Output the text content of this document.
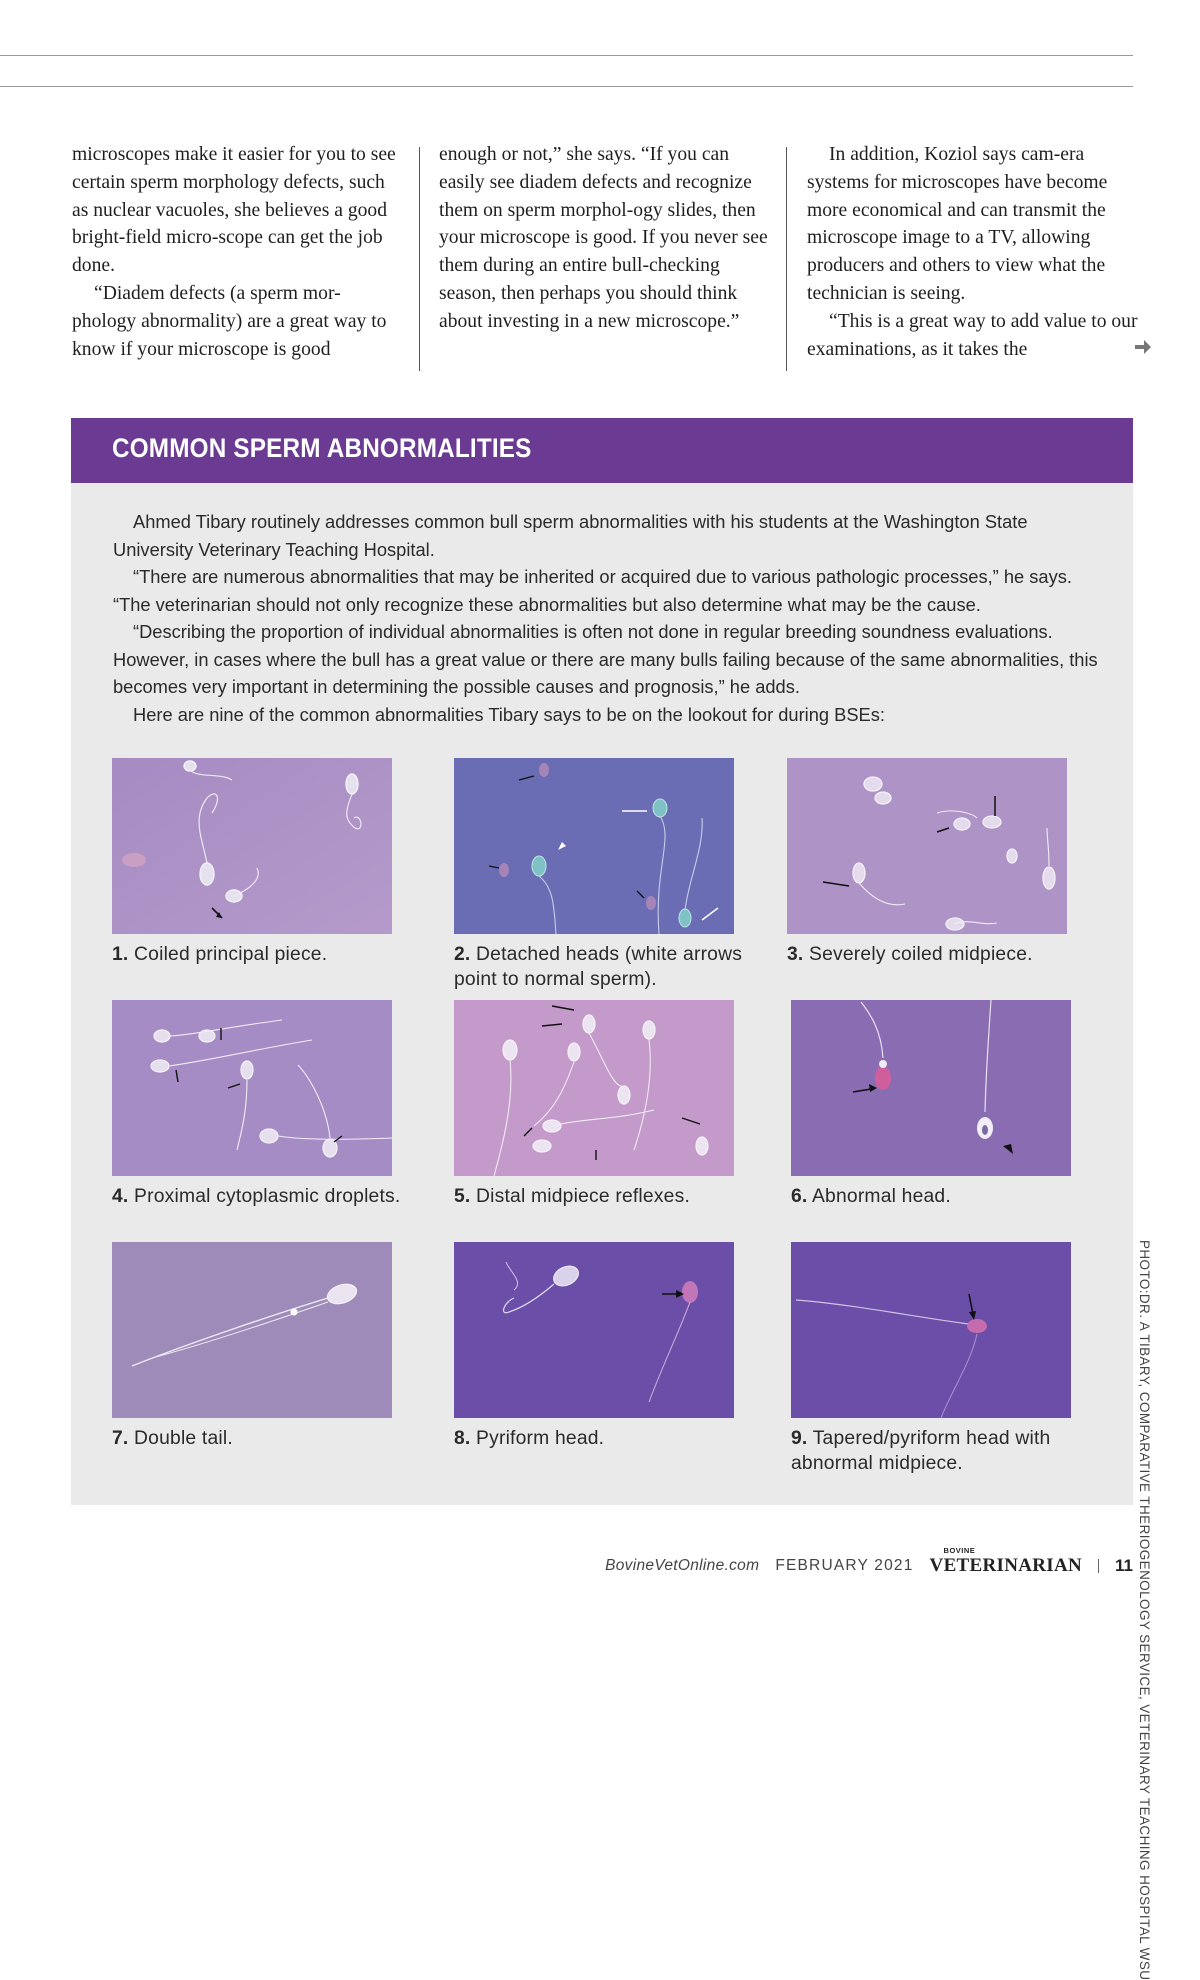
microscopes make it easier for you to see certain sperm morphology defects, such as nuclear vacuoles, she believes a good bright-field micro-scope can get the job done.

“Diadem defects (a sperm mor-phology abnormality) are a great way to know if your microscope is good

enough or not,” she says. “If you can easily see diadem defects and recognize them on sperm morphol-ogy slides, then your microscope is good. If you never see them during an entire bull-checking season, then perhaps you should think about investing in a new microscope.”

In addition, Koziol says cam-era systems for microscopes have become more economical and can transmit the microscope image to a TV, allowing producers and others to view what the technician is seeing.

“This is a great way to add value to our examinations, as it takes the

COMMON SPERM ABNORMALITIES

Ahmed Tibary routinely addresses common bull sperm abnormalities with his students at the Washington State University Veterinary Teaching Hospital.

“There are numerous abnormalities that may be inherited or acquired due to various pathologic processes,” he says. “The veterinarian should not only recognize these abnormalities but also determine what may be the cause.

“Describing the proportion of individual abnormalities is often not done in regular breeding soundness evaluations. However, in cases where the bull has a great value or there are many bulls failing because of the same abnormalities, this becomes very important in determining the possible causes and prognosis,” he adds.

Here are nine of the common abnormalities Tibary says to be on the lookout for during BSEs:

1. Coiled principal piece.	2. Detached heads (white arrows point to normal sperm).
3. Severely coiled midpiece.
4. Proximal cytoplasmic droplets.	5. Distal midpiece reflexes.	6. Abnormal head.
7. Double tail.	8. Pyriform head.	9. Tapered/pyriform head with abnormal midpiece.	PHOTO:DR. A TIBARY, COMPARATIVE THERIOGENOLOGY SERVICE, VETERINARY TEACHING HOSPITAL WSU
BovineVetOnline.com FEBRUARY 2021
BOVINE
VETERINARIAN 11
